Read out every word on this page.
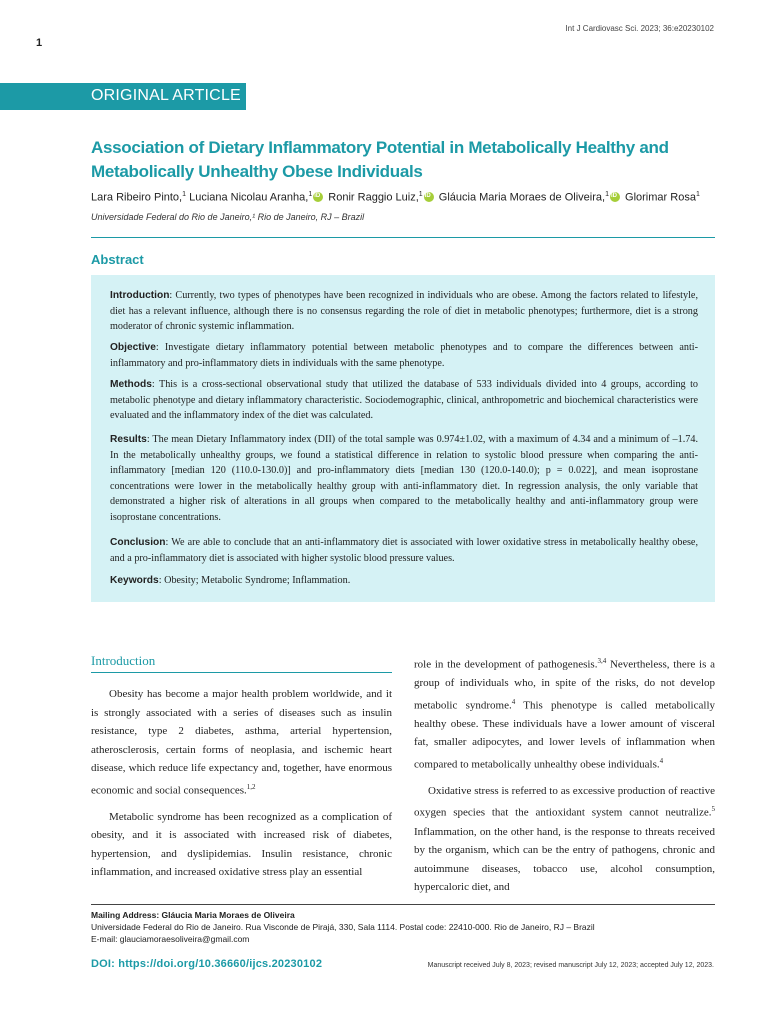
Int J Cardiovasc Sci. 2023; 36:e20230102
1
ORIGINAL ARTICLE
Association of Dietary Inflammatory Potential in Metabolically Healthy and
Metabolically Unhealthy Obese Individuals
Lara Ribeiro Pinto,$^1$ Luciana Nicolau Aranha,$^1$ iD Ronir Raggio Luiz,$^1$ iD Gláucia Maria Moraes de Oliveira,$^1$ iD Glorimar Rosa$^1$
Universidade Federal do Rio de Janeiro,¹ Rio de Janeiro, RJ – Brazil
Abstract

Introduction: Currently, two types of phenotypes have been recognized in individuals who are obese. Among the factors related to lifestyle, diet has a relevant influence, although there is no consensus regarding the role of diet in metabolic phenotypes; furthermore, diet is a strong moderator of chronic systemic inflammation.

Objective: Investigate dietary inflammatory potential between metabolic phenotypes and to compare the differences between anti-inflammatory and pro-inflammatory diets in individuals with the same phenotype.

Methods: This is a cross-sectional observational study that utilized the database of 533 individuals divided into 4 groups, according to metabolic phenotype and dietary inflammatory characteristic. Sociodemographic, clinical, anthropometric and biochemical characteristics were evaluated and the inflammatory index of the diet was calculated.

Results: The mean Dietary Inflammatory index (DII) of the total sample was 0.974±1.02, with a maximum of 4.34 and a minimum of –1.74. In the metabolically unhealthy groups, we found a statistical difference in relation to systolic blood pressure when comparing the anti-inflammatory [median 120 (110.0-130.0)] and pro-inflammatory diets [median 130 (120.0-140.0); p = 0.022], and mean isoprostane concentrations were lower in the metabolically healthy group with anti-inflammatory diet. In regression analysis, the only variable that demonstrated a higher risk of alterations in all groups when compared to the metabolically healthy and anti-inflammatory group were isoprostane concentrations.

Conclusion: We are able to conclude that an anti-inflammatory diet is associated with lower oxidative stress in metabolically healthy obese, and a pro-inflammatory diet is associated with higher systolic blood pressure values.

Keywords: Obesity; Metabolic Syndrome; Inflammation.

Introduction

Obesity has become a major health problem worldwide, and it is strongly associated with a series of diseases such as insulin resistance, type 2 diabetes, asthma, arterial hypertension, atherosclerosis, certain forms of neoplasia, and ischemic heart disease, which reduce life expectancy and, together, have enormous economic and social consequences.$^{1,2}$

Metabolic syndrome has been recognized as a complication of obesity, and it is associated with increased risk of diabetes, hypertension, and dyslipidemias. Insulin resistance, chronic inflammation, and increased oxidative stress play an essential

role in the development of pathogenesis.$^{3,4}$ Nevertheless, there is a group of individuals who, in spite of the risks, do not develop metabolic syndrome.$^4$ This phenotype is called metabolically healthy obese. These individuals have a lower amount of visceral fat, smaller adipocytes, and lower levels of inflammation when compared to metabolically unhealthy obese individuals.$^4$

Oxidative stress is referred to as excessive production of reactive oxygen species that the antioxidant system cannot neutralize.$^5$ Inflammation, on the other hand, is the response to threats received by the organism, which can be the entry of pathogens, chronic and autoimmune diseases, tobacco use, alcohol consumption, hypercaloric diet, and

Mailing Address: Gláucia Maria Moraes de Oliveira
Universidade Federal do Rio de Janeiro. Rua Visconde de Pirajá, 330, Sala 1114. Postal code: 22410-000. Rio de Janeiro, RJ – Brazil
E-mail: glauciamoraesoliveira@gmail.com
DOI: https://doi.org/10.36660/ijcs.20230102	Manuscript received July 8, 2023; revised manuscript July 12, 2023; accepted July 12, 2023.
